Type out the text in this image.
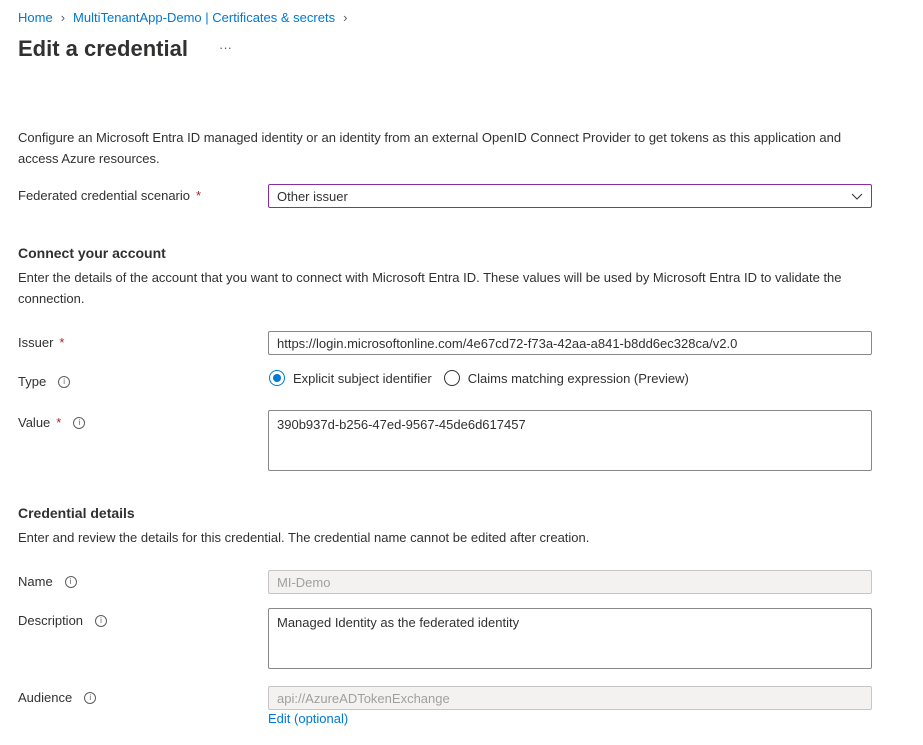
Home › MultiTenantApp-Demo | Certificates & secrets ›
Edit a credential ···
Configure an Microsoft Entra ID managed identity or an identity from an external OpenID Connect Provider to get tokens as this application and access Azure resources.
Federated credential scenario *	Other issuer
Connect your account
Enter the details of the account that you want to connect with Microsoft Entra ID. These values will be used by Microsoft Entra ID to validate the connection.
Issuer *	https://login.microsoftonline.com/4e67cd72-f73a-42aa-a841-b8dd6ec328ca/v2.0
Type	i	Explicit subject identifier	Claims matching expression (Preview)
Value *	i	390b937d-b256-47ed-9567-45de6d617457
Credential details
Enter and review the details for this credential. The credential name cannot be edited after creation.
Name	i	MI-Demo
Description	i	Managed Identity as the federated identity
Audience	i	api://AzureADTokenExchange
Edit (optional)
